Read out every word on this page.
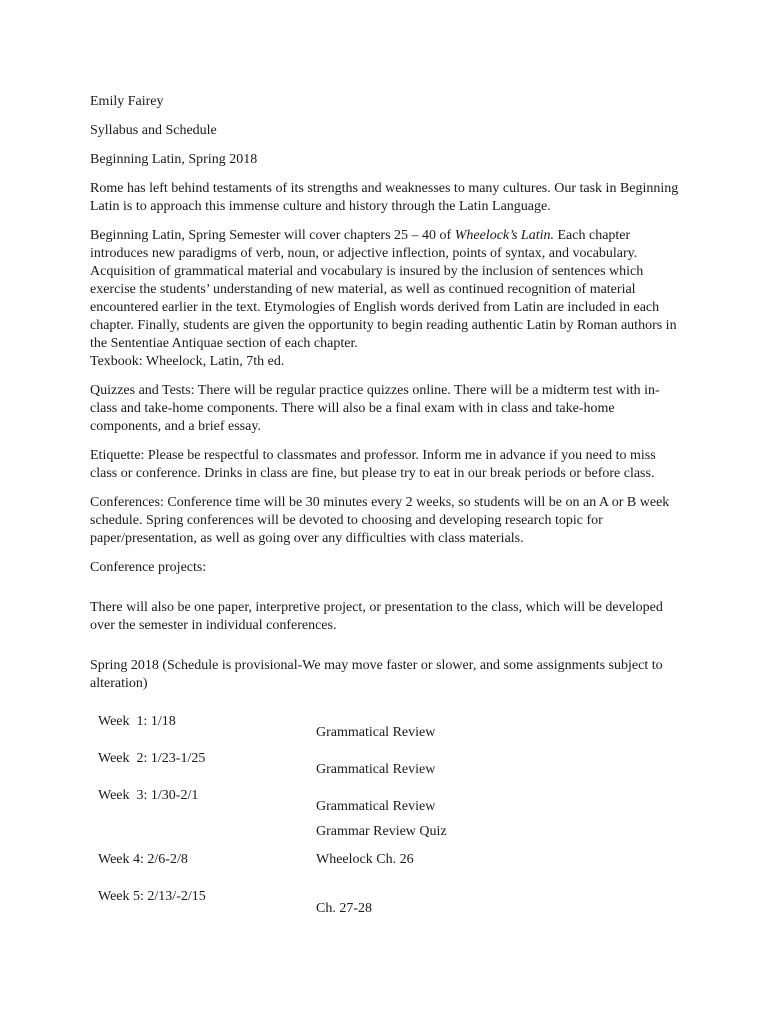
Emily Fairey

Syllabus and Schedule

Beginning Latin, Spring 2018

Rome has left behind testaments of its strengths and weaknesses to many cultures. Our task in Beginning Latin is to approach this immense culture and history through the Latin Language.

Beginning Latin, Spring Semester will cover chapters 25 – 40 of Wheelock’s Latin. Each chapter introduces new paradigms of verb, noun, or adjective inflection, points of syntax, and vocabulary. Acquisition of grammatical material and vocabulary is insured by the inclusion of sentences which exercise the students’ understanding of new material, as well as continued recognition of material encountered earlier in the text. Etymologies of English words derived from Latin are included in each chapter. Finally, students are given the opportunity to begin reading authentic Latin by Roman authors in the Sententiae Antiquae section of each chapter.
Texbook: Wheelock, Latin, 7th ed.

Quizzes and Tests: There will be regular practice quizzes online. There will be a midterm test with in-class and take-home components. There will also be a final exam with in class and take-home components, and a brief essay.

Etiquette: Please be respectful to classmates and professor. Inform me in advance if you need to miss class or conference. Drinks in class are fine, but please try to eat in our break periods or before class.

Conferences: Conference time will be 30 minutes every 2 weeks, so students will be on an A or B week schedule. Spring conferences will be devoted to choosing and developing research topic for paper/presentation, as well as going over any difficulties with class materials.

Conference projects:

There will also be one paper, interpretive project, or presentation to the class, which will be developed over the semester in individual conferences.

Spring 2018 (Schedule is provisional-We may move faster or slower, and some assignments subject to alteration)

Week  1: 1/18
Grammatical Review
Week  2: 1/23-1/25
Grammatical Review
Week  3: 1/30-2/1
Grammatical Review
Grammar Review Quiz
Week 4: 2/6-2/8	Wheelock Ch. 26
Week 5: 2/13/-2/15
Ch. 27-28
